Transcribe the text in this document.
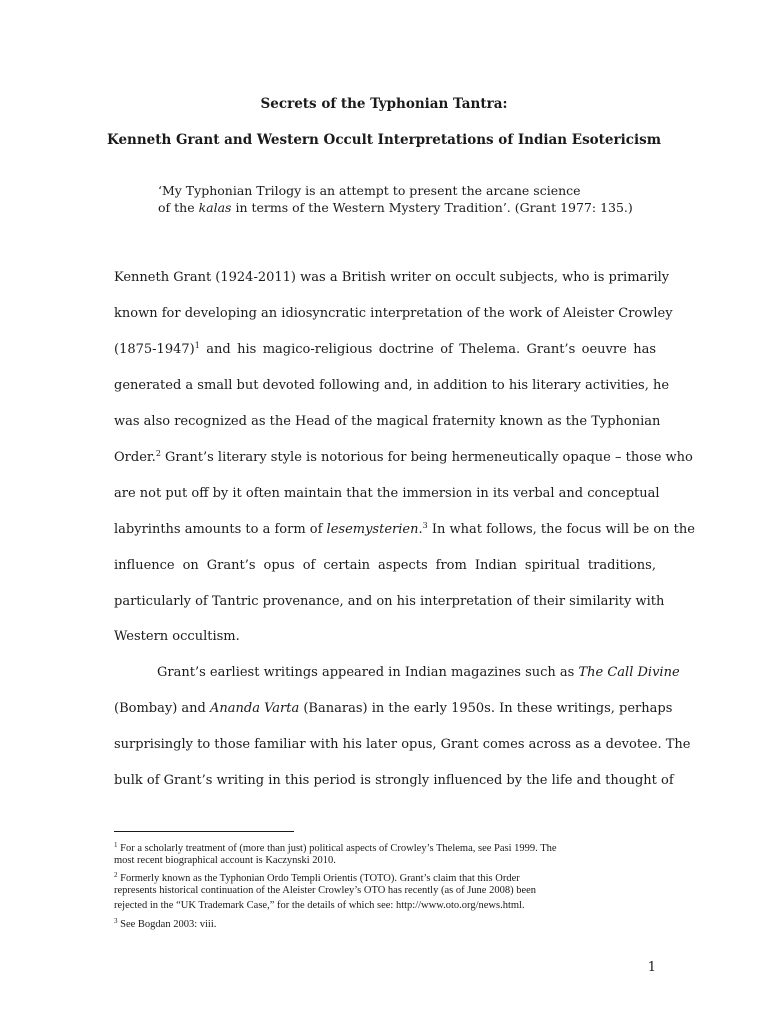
Secrets of the Typhonian Tantra:
Kenneth Grant and Western Occult Interpretations of Indian Esotericism
‘My Typhonian Trilogy is an attempt to present the arcane science
of the kalas in terms of the Western Mystery Tradition’. (Grant 1977: 135.)
Kenneth Grant (1924-2011) was a British writer on occult subjects, who is primarily
known for developing an idiosyncratic interpretation of the work of Aleister Crowley
(1875-1947)$^1$ and his magico-religious doctrine of Thelema. Grant’s oeuvre has
generated a small but devoted following and, in addition to his literary activities, he
was also recognized as the Head of the magical fraternity known as the Typhonian
Order.$^2$ Grant’s literary style is notorious for being hermeneutically opaque – those who
are not put off by it often maintain that the immersion in its verbal and conceptual
labyrinths amounts to a form of lesemysterien.$^3$ In what follows, the focus will be on the
influence on Grant’s opus of certain aspects from Indian spiritual traditions,
particularly of Tantric provenance, and on his interpretation of their similarity with
Western occultism.
Grant’s earliest writings appeared in Indian magazines such as The Call Divine
(Bombay) and Ananda Varta (Banaras) in the early 1950s. In these writings, perhaps
surprisingly to those familiar with his later opus, Grant comes across as a devotee. The
bulk of Grant’s writing in this period is strongly influenced by the life and thought of
$^1$ For a scholarly treatment of (more than just) political aspects of Crowley’s Thelema, see Pasi 1999. The
most recent biographical account is Kaczynski 2010.
$^2$ Formerly known as the Typhonian Ordo Templi Orientis (TOTO). Grant’s claim that this Order
represents historical continuation of the Aleister Crowley’s OTO has recently (as of June 2008) been
rejected in the “UK Trademark Case,” for the details of which see: http://www.oto.org/news.html.
$^3$ See Bogdan 2003: viii.
1
